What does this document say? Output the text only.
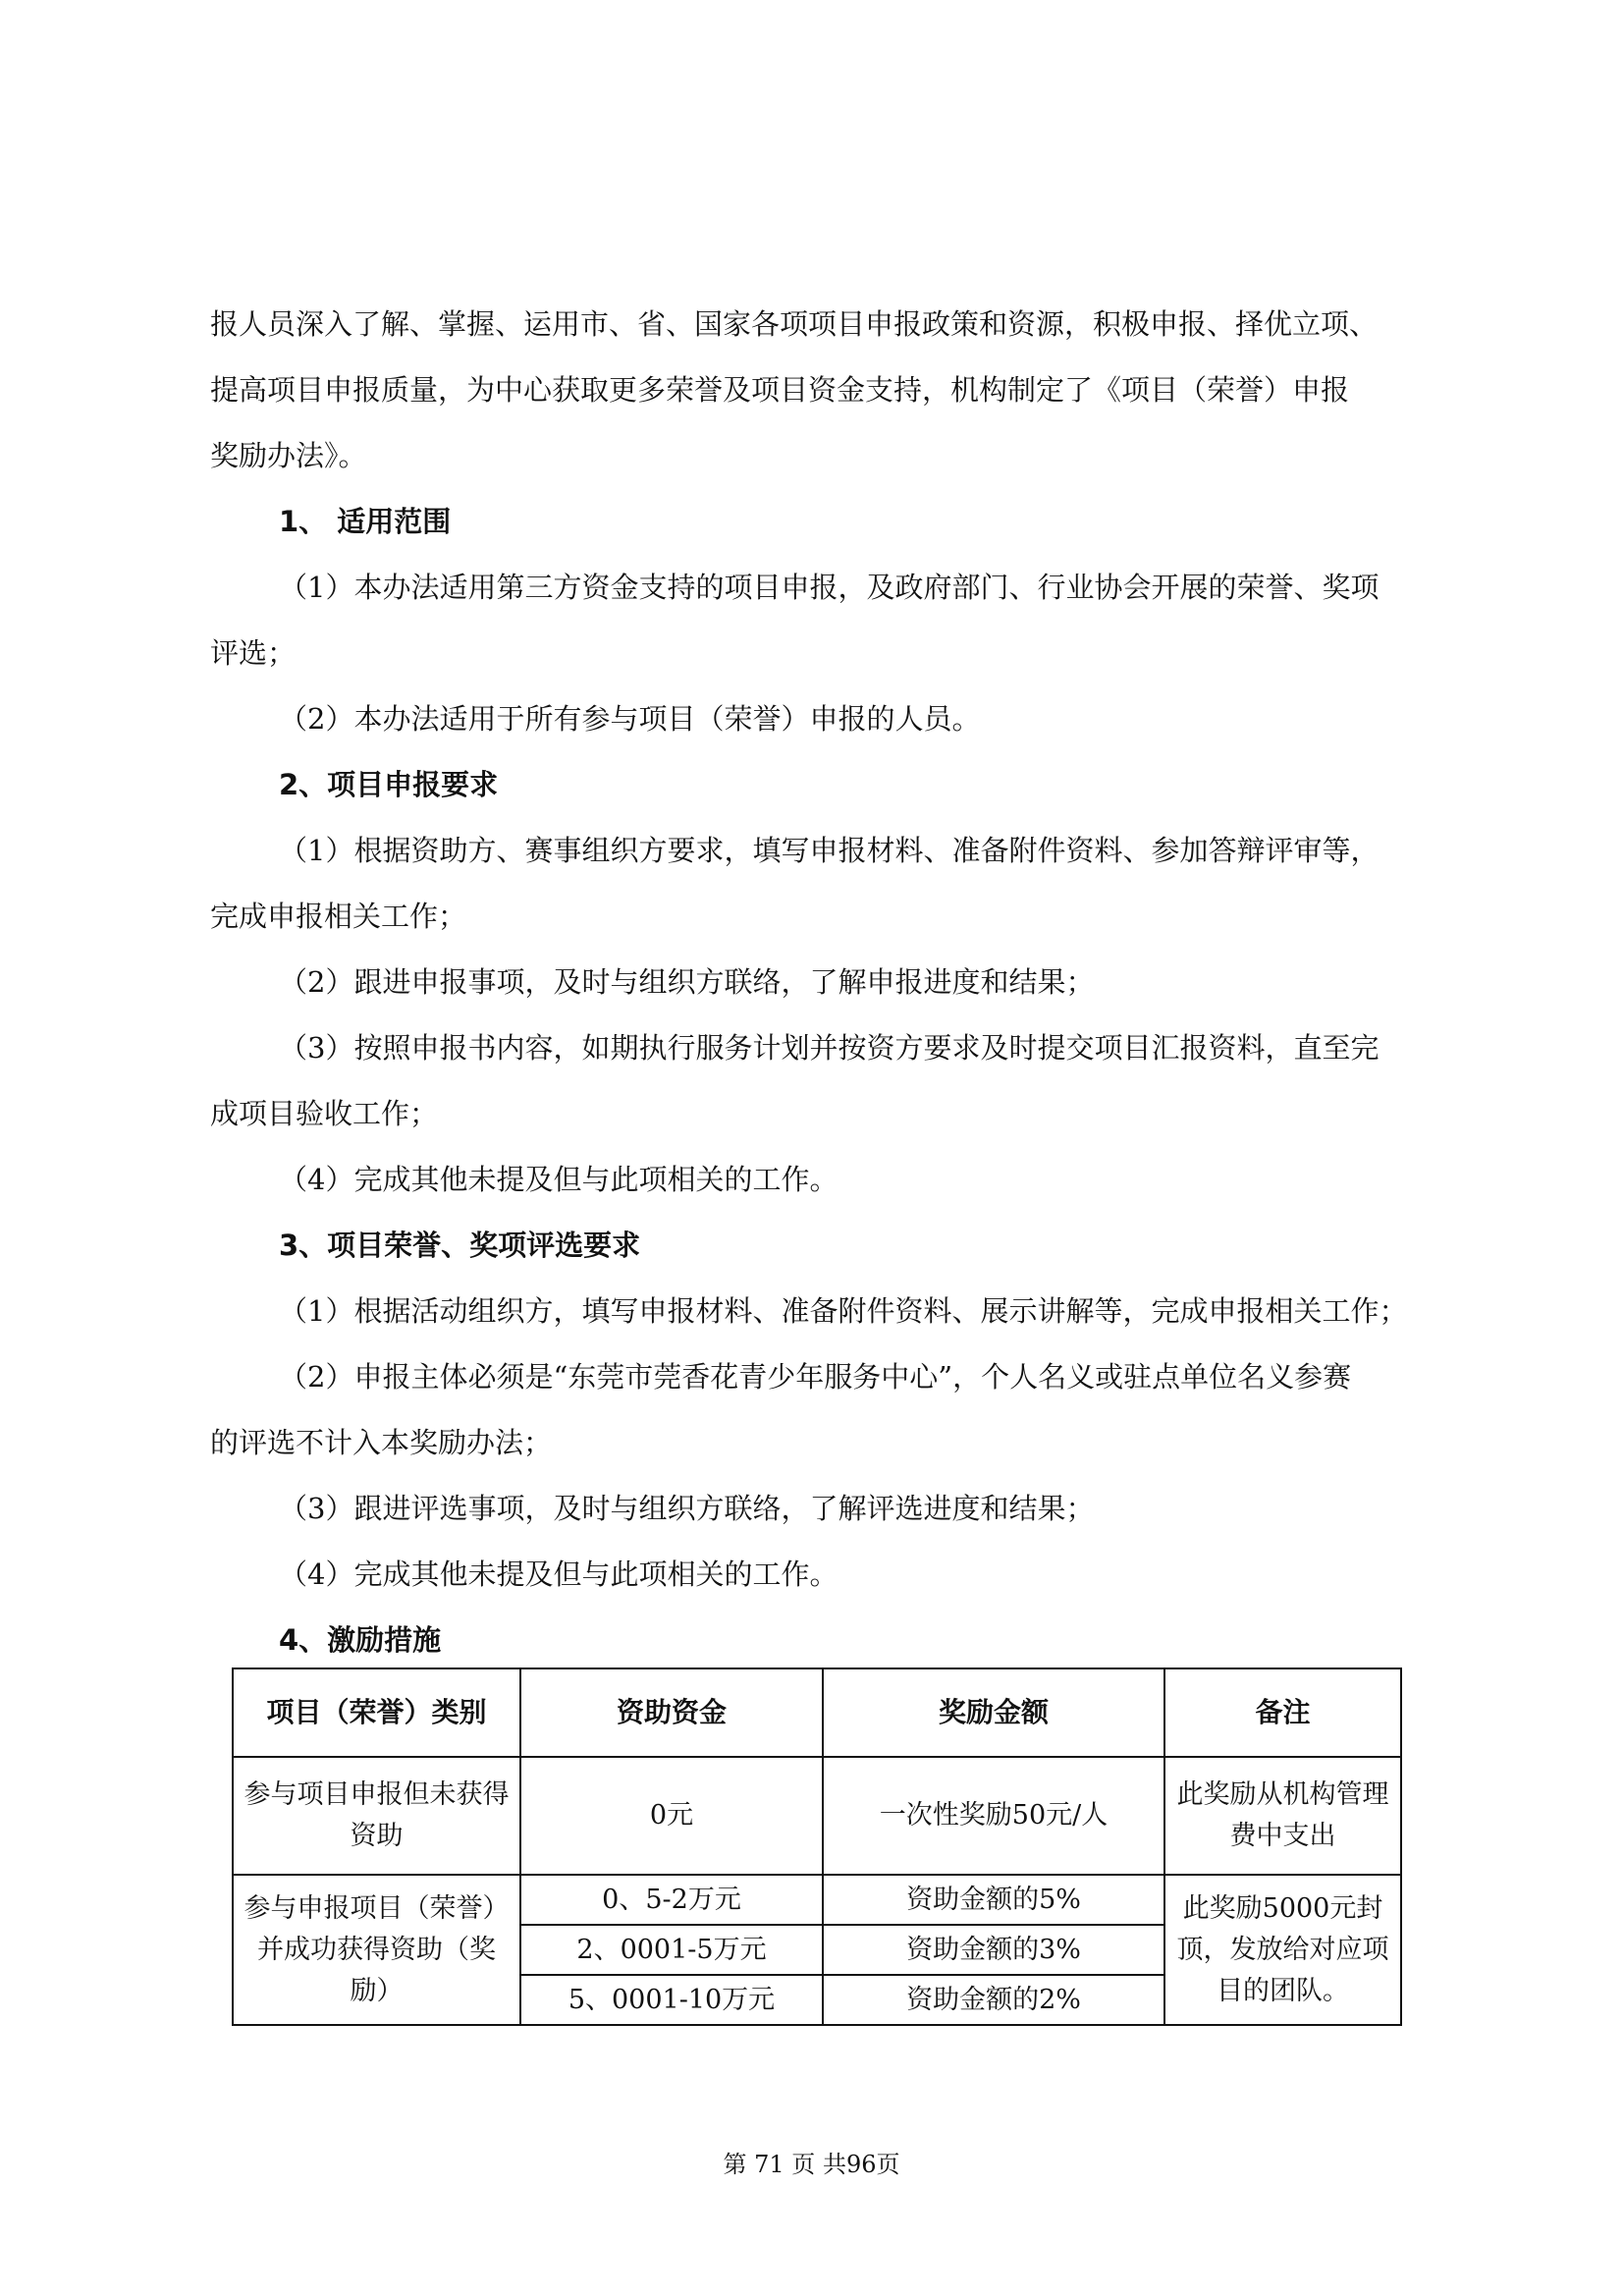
报人员深入了解、掌握、运用市、省、国家各项项目申报政策和资源，积极申报、择优立项、
提高项目申报质量，为中心获取更多荣誉及项目资金支持，机构制定了《项目（荣誉）申报
奖励办法》。
1、 适用范围
（1）本办法适用第三方资金支持的项目申报，及政府部门、行业协会开展的荣誉、奖项
评选；
（2）本办法适用于所有参与项目（荣誉）申报的人员。
2、项目申报要求
（1）根据资助方、赛事组织方要求，填写申报材料、准备附件资料、参加答辩评审等，
完成申报相关工作；
（2）跟进申报事项，及时与组织方联络，了解申报进度和结果；
（3）按照申报书内容，如期执行服务计划并按资方要求及时提交项目汇报资料，直至完
成项目验收工作；
（4）完成其他未提及但与此项相关的工作。
3、项目荣誉、奖项评选要求
（1）根据活动组织方，填写申报材料、准备附件资料、展示讲解等，完成申报相关工作；
（2）申报主体必须是“东莞市莞香花青少年服务中心”，个人名义或驻点单位名义参赛
的评选不计入本奖励办法；
（3）跟进评选事项，及时与组织方联络，了解评选进度和结果；
（4）完成其他未提及但与此项相关的工作。
4、激励措施
项目（荣誉）类别	资助资金	奖励金额	备注
参与项目申报但未获得资助	0元	一次性奖励50元/人	此奖励从机构管理费中支出
参与申报项目（荣誉）并成功获得资助（奖励）	0、5-2万元	资助金额的5%	此奖励5000元封顶，发放给对应项目的团队。
	2、0001-5万元	资助金额的3%	
	5、0001-10万元	资助金额的2%	
第 71 页 共96页
